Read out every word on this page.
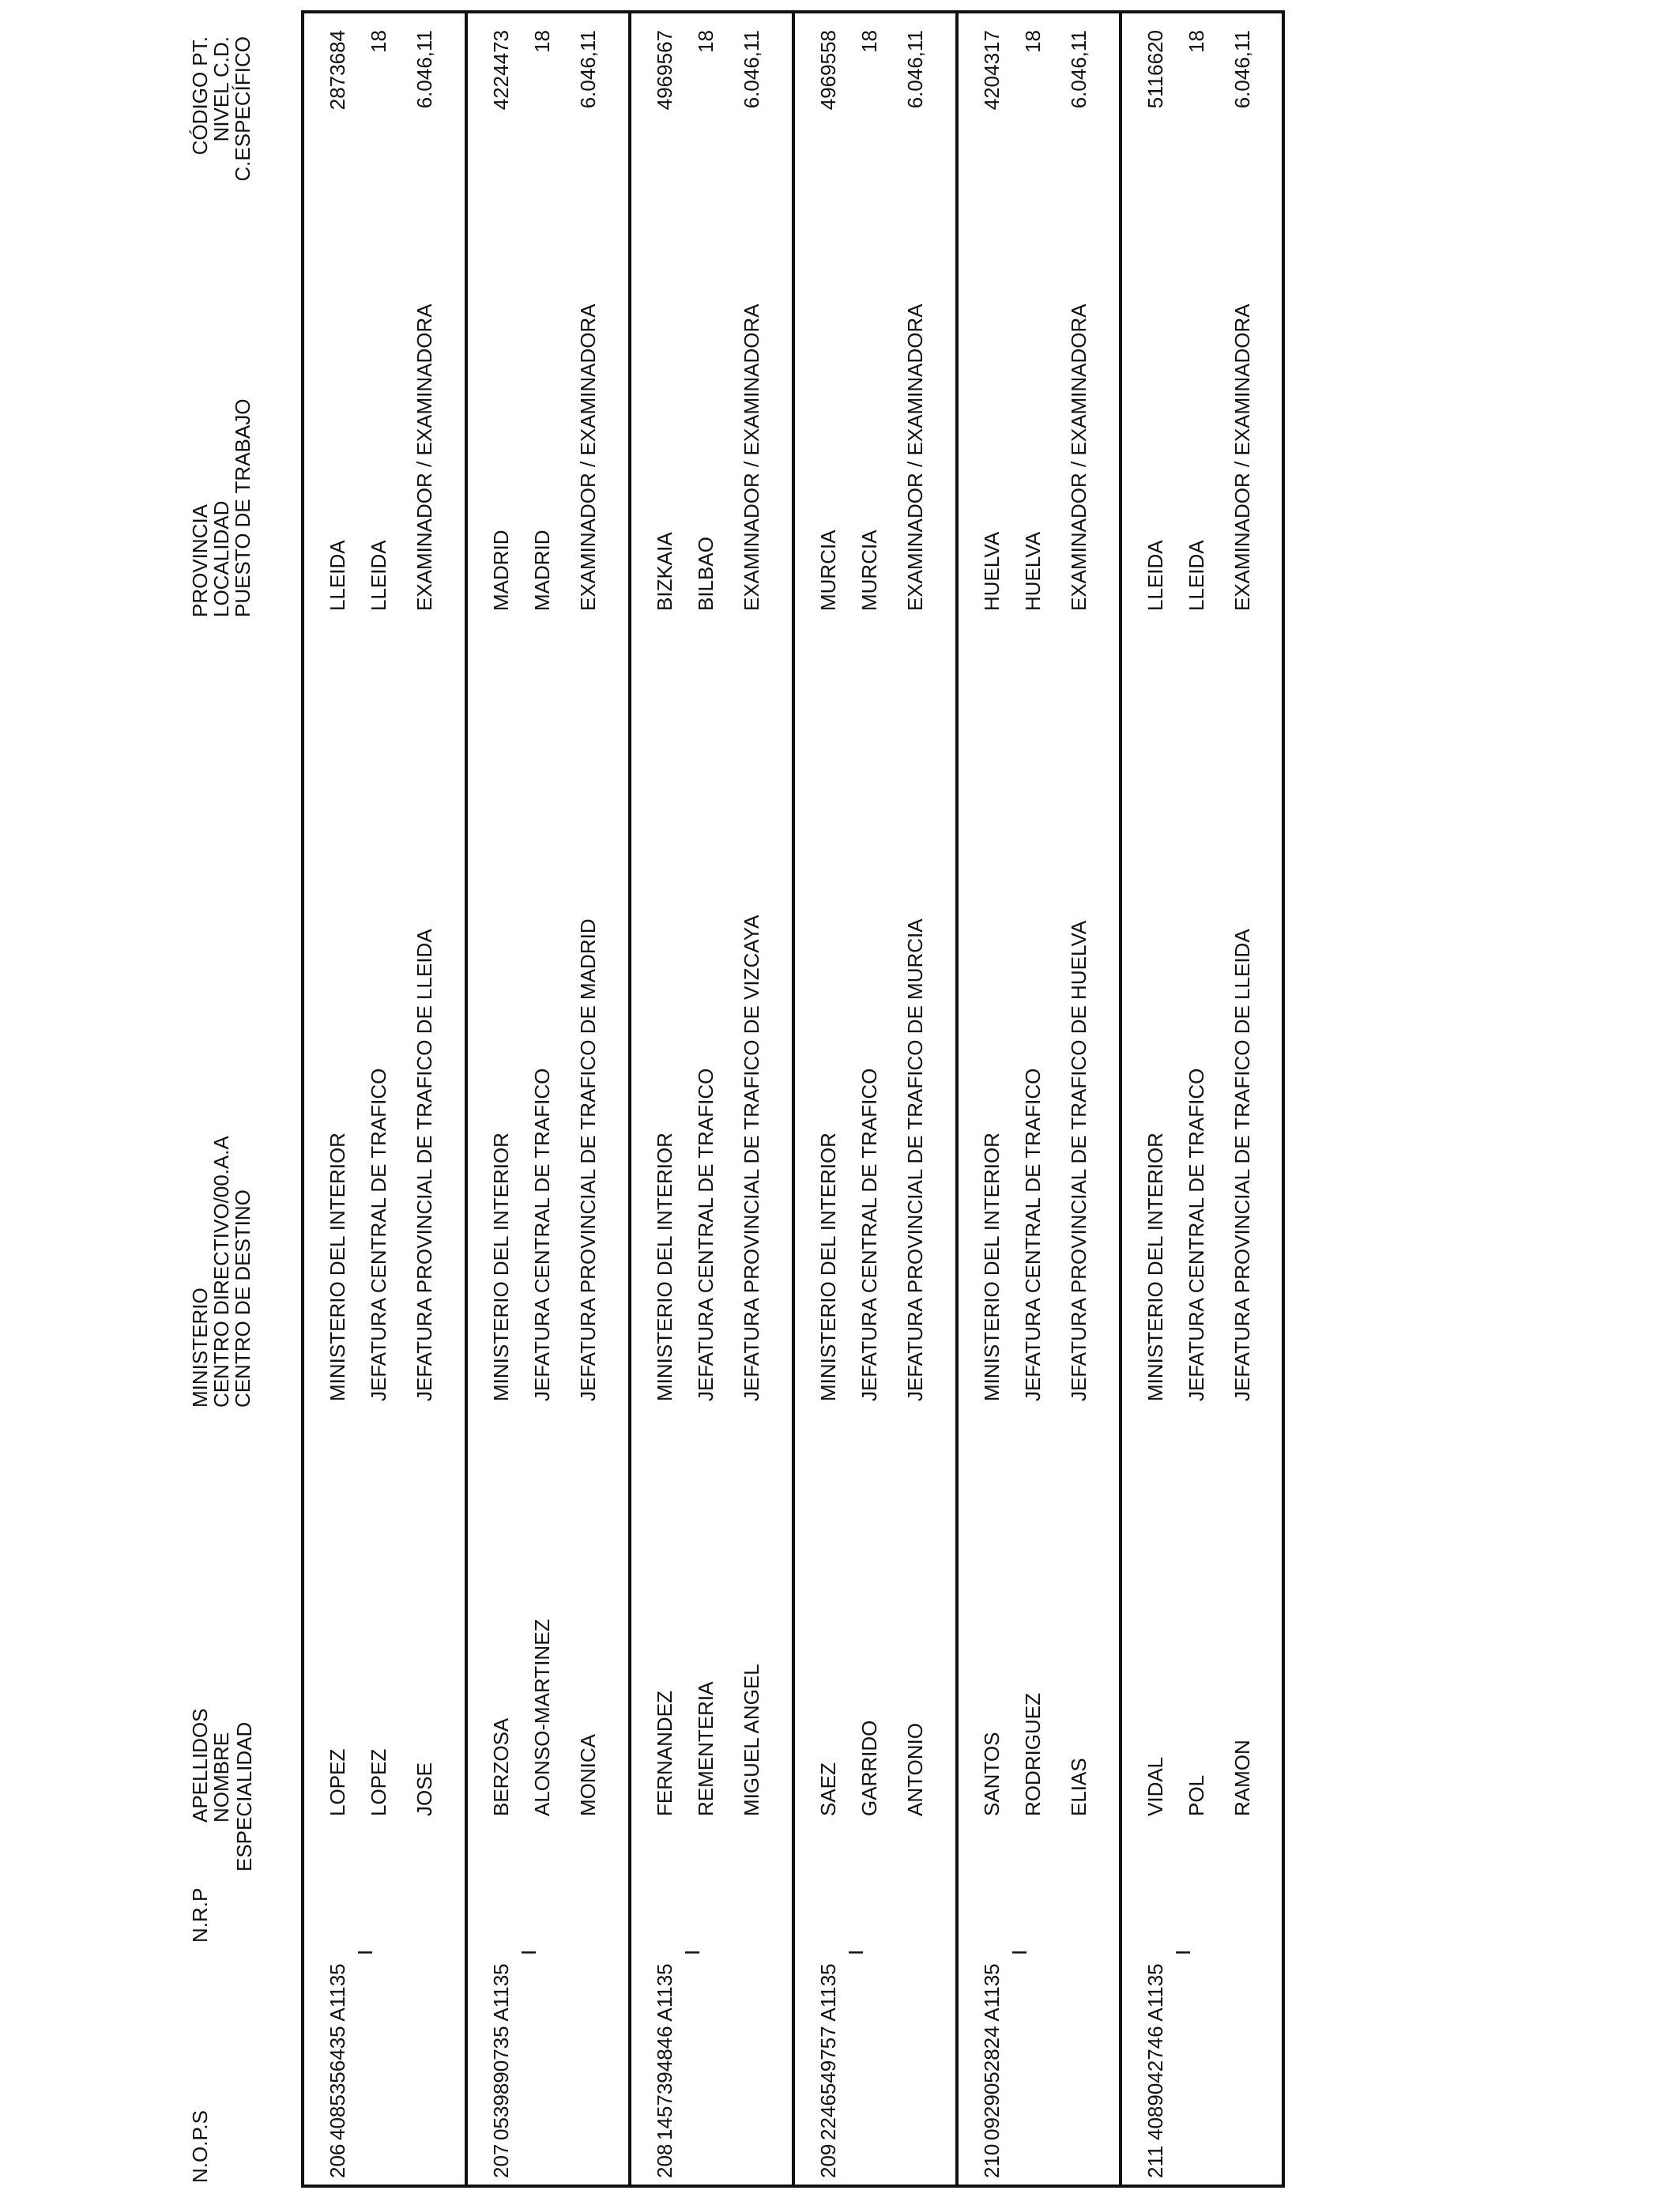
N.O.P.S
N.R.P
ESPECIALIDAD
APELLIDOS
NOMBRE
MINISTERIO
CENTRO DIRECTIVO/00.A.A
CENTRO DE DESTINO
PROVINCIA
LOCALIDAD
PUESTO DE TRABAJO
CÓDIGO PT.
NIVEL C.D.
C.ESPECÍFICO
206
4085356435 A1135
I
LOPEZ LOPEZ JOSE
MINISTERIO DEL INTERIOR JEFATURA CENTRAL DE TRAFICO JEFATURA PROVINCIAL DE TRAFICO DE LLEIDA
LLEIDA LLEIDA EXAMINADOR / EXAMINADORA
2873684 18 6.046,11
207
0539890735 A1135
I
BERZOSA ALONSO-MARTINEZ MONICA
MINISTERIO DEL INTERIOR JEFATURA CENTRAL DE TRAFICO JEFATURA PROVINCIAL DE TRAFICO DE MADRID
MADRID MADRID EXAMINADOR / EXAMINADORA
4224473 18 6.046,11
208
1457394846 A1135
I
FERNANDEZ REMENTERIA MIGUEL ANGEL
MINISTERIO DEL INTERIOR JEFATURA CENTRAL DE TRAFICO JEFATURA PROVINCIAL DE TRAFICO DE VIZCAYA
BIZKAIA BILBAO EXAMINADOR / EXAMINADORA
4969567 18 6.046,11
209
2246549757 A1135
I
SAEZ GARRIDO ANTONIO
MINISTERIO DEL INTERIOR JEFATURA CENTRAL DE TRAFICO JEFATURA PROVINCIAL DE TRAFICO DE MURCIA
MURCIA MURCIA EXAMINADOR / EXAMINADORA
4969558 18 6.046,11
210
0929052824 A1135
I
SANTOS RODRIGUEZ ELIAS
MINISTERIO DEL INTERIOR JEFATURA CENTRAL DE TRAFICO JEFATURA PROVINCIAL DE TRAFICO DE HUELVA
HUELVA HUELVA EXAMINADOR / EXAMINADORA
4204317 18 6.046,11
211
4089042746 A1135
I
VIDAL POL RAMON
MINISTERIO DEL INTERIOR JEFATURA CENTRAL DE TRAFICO JEFATURA PROVINCIAL DE TRAFICO DE LLEIDA
LLEIDA LLEIDA EXAMINADOR / EXAMINADORA
5116620 18 6.046,11
